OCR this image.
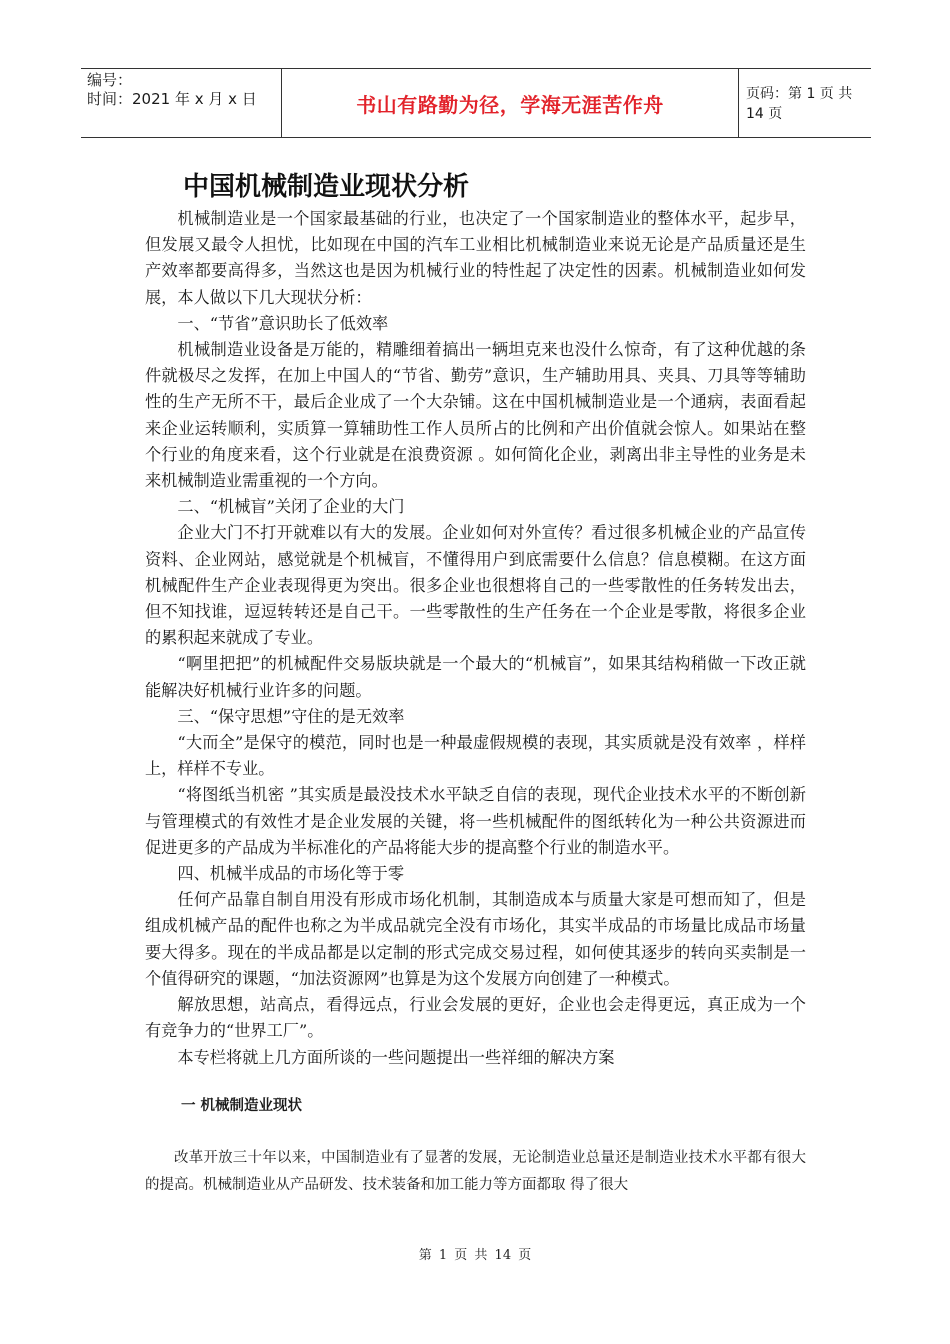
编号：
时间：2021 年 x 月 x 日	书山有路勤为径，学海无涯苦作舟	页码：第 1 页 共 14 页
中国机械制造业现状分析

机械制造业是一个国家最基础的行业，也决定了一个国家制造业的整体水平，起步早，但发展又最令人担忧，比如现在中国的汽车工业相比机械制造业来说无论是产品质量还是生产效率都要高得多，当然这也是因为机械行业的特性起了决定性的因素。机械制造业如何发展，本人做以下几大现状分析：

一、“节省”意识助长了低效率

机械制造业设备是万能的，精雕细着搞出一辆坦克来也没什么惊奇，有了这种优越的条件就极尽之发挥，在加上中国人的“节省、勤劳”意识，生产辅助用具、夹具、刀具等等辅助性的生产无所不干，最后企业成了一个大杂铺。这在中国机械制造业是一个通病，表面看起来企业运转顺利，实质算一算辅助性工作人员所占的比例和产出价值就会惊人。如果站在整个行业的角度来看，这个行业就是在浪费资源 。如何简化企业，剥离出非主导性的业务是未来机械制造业需重视的一个方向。

二、“机械盲”关闭了企业的大门

企业大门不打开就难以有大的发展。企业如何对外宣传？看过很多机械企业的产品宣传资料、企业网站，感觉就是个机械盲，不懂得用户到底需要什么信息？信息模糊。在这方面机械配件生产企业表现得更为突出。很多企业也很想将自己的一些零散性的任务转发出去，但不知找谁，逗逗转转还是自己干。一些零散性的生产任务在一个企业是零散，将很多企业的累积起来就成了专业。

“啊里把把”的机械配件交易版块就是一个最大的“机械盲”，如果其结构稍做一下改正就能解决好机械行业许多的问题。

三、“保守思想”守住的是无效率

“大而全”是保守的模范，同时也是一种最虚假规模的表现，其实质就是没有效率 ，样样上，样样不专业。

“将图纸当机密 ”其实质是最没技术水平缺乏自信的表现，现代企业技术水平的不断创新与管理模式的有效性才是企业发展的关键，将一些机械配件的图纸转化为一种公共资源进而促进更多的产品成为半标准化的产品将能大步的提高整个行业的制造水平。

四、机械半成品的市场化等于零

任何产品靠自制自用没有形成市场化机制，其制造成本与质量大家是可想而知了，但是组成机械产品的配件也称之为半成品就完全没有市场化，其实半成品的市场量比成品市场量要大得多。现在的半成品都是以定制的形式完成交易过程，如何使其逐步的转向买卖制是一个值得研究的课题，“加法资源网”也算是为这个发展方向创建了一种模式。

解放思想，站高点，看得远点，行业会发展的更好，企业也会走得更远，真正成为一个 有竞争力的“世界工厂”。

本专栏将就上几方面所谈的一些问题提出一些祥细的解决方案

一 机械制造业现状

改革开放三十年以来，中国制造业有了显著的发展，无论制造业总量还是制造业技术水平都有很大的提高。机械制造业从产品研发、技术装备和加工能力等方面都取 得了很大

第 1 页 共 14 页
